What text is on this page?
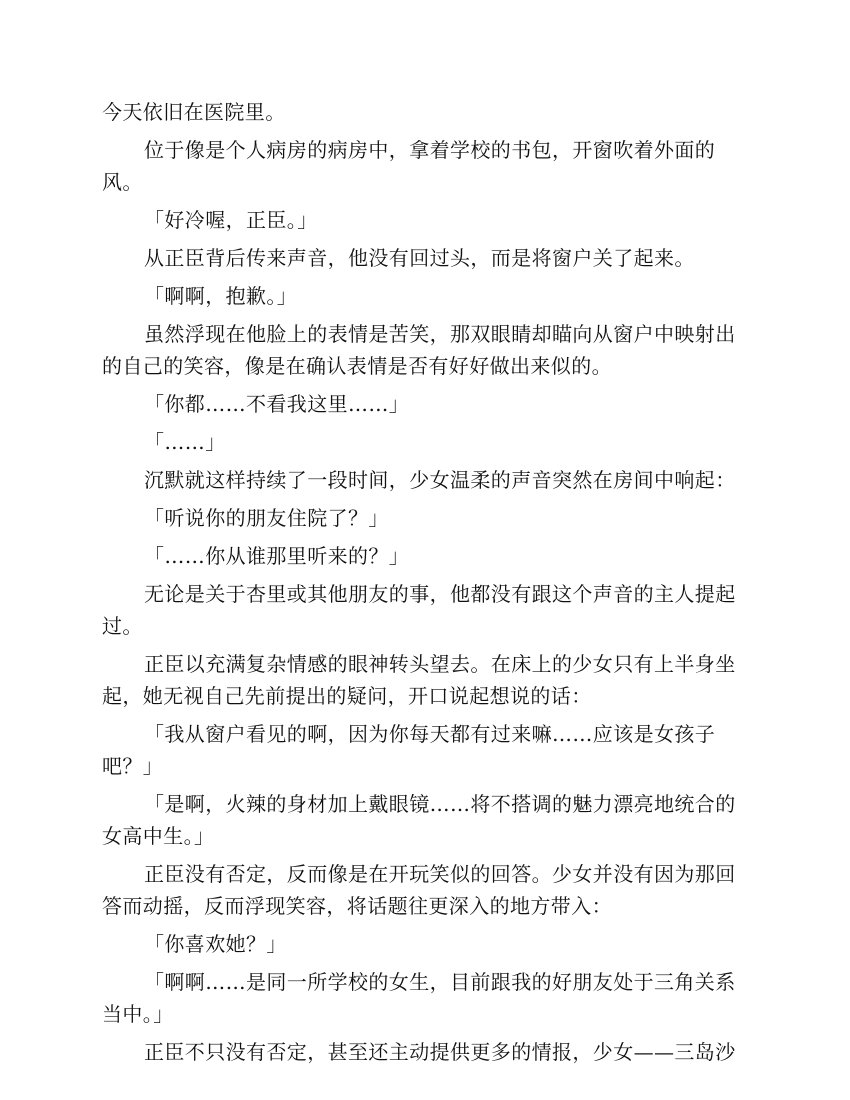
今天依旧在医院里。

位于像是个人病房的病房中，拿着学校的书包，开窗吹着外面的风。

「好冷喔，正臣。」

从正臣背后传来声音，他没有回过头，而是将窗户关了起来。

「啊啊，抱歉。」

虽然浮现在他脸上的表情是苦笑，那双眼睛却瞄向从窗户中映射出的自己的笑容，像是在确认表情是否有好好做出来似的。

「你都……不看我这里……」

「……」

沉默就这样持续了一段时间，少女温柔的声音突然在房间中响起：

「听说你的朋友住院了？」

「……你从谁那里听来的？」

无论是关于杏里或其他朋友的事，他都没有跟这个声音的主人提起过。

正臣以充满复杂情感的眼神转头望去。在床上的少女只有上半身坐起，她无视自己先前提出的疑问，开口说起想说的话：

「我从窗户看见的啊，因为你每天都有过来嘛……应该是女孩子吧？」

「是啊，火辣的身材加上戴眼镜……将不搭调的魅力漂亮地统合的女高中生。」

正臣没有否定，反而像是在开玩笑似的回答。少女并没有因为那回答而动摇，反而浮现笑容，将话题往更深入的地方带入：

「你喜欢她？」

「啊啊……是同一所学校的女生，目前跟我的好朋友处于三角关系当中。」

正臣不只没有否定，甚至还主动提供更多的情报，少女——三岛沙
